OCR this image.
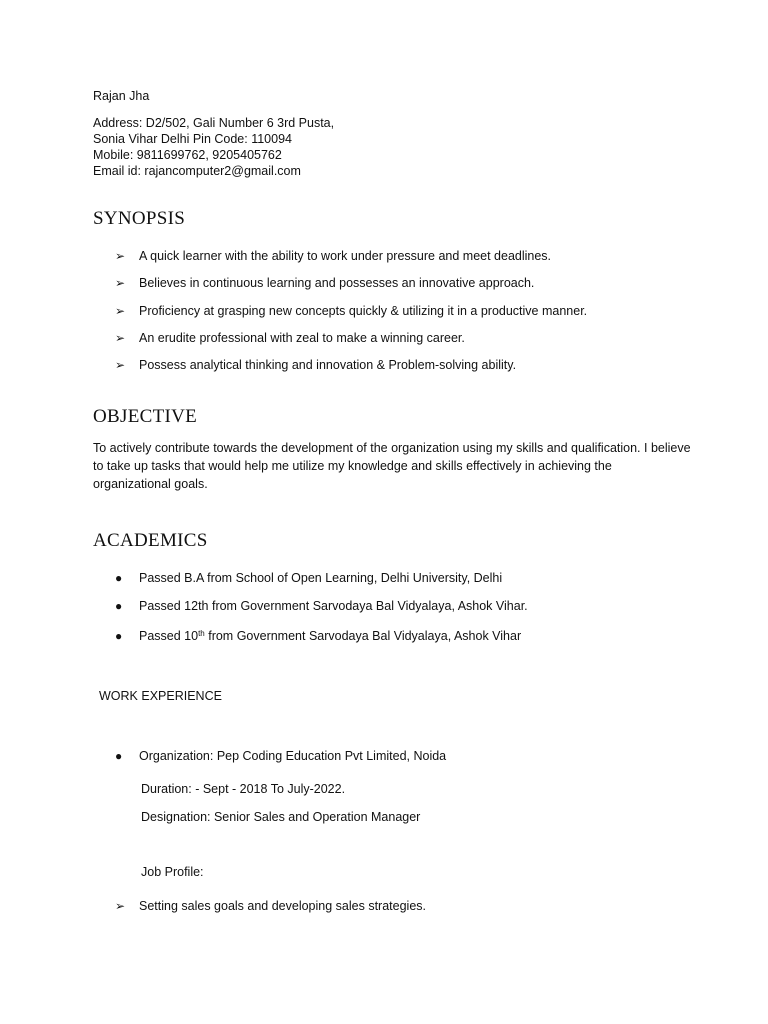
Rajan Jha
Address: D2/502, Gali Number 6 3rd Pusta,
Sonia Vihar Delhi Pin Code: 110094
Mobile: 9811699762, 9205405762
Email id: rajancomputer2@gmail.com
SYNOPSIS
➢ A quick learner with the ability to work under pressure and meet deadlines.
➢ Believes in continuous learning and possesses an innovative approach.
➢ Proficiency at grasping new concepts quickly & utilizing it in a productive manner.
➢ An erudite professional with zeal to make a winning career.
➢ Possess analytical thinking and innovation & Problem-solving ability.
OBJECTIVE
To actively contribute towards the development of the organization using my skills and qualification. I believe to take up tasks that would help me utilize my knowledge and skills effectively in achieving the organizational goals.
ACADEMICS
● Passed B.A from School of Open Learning, Delhi University, Delhi
● Passed 12th from Government Sarvodaya Bal Vidyalaya, Ashok Vihar.
● Passed 10th from Government Sarvodaya Bal Vidyalaya, Ashok Vihar
WORK EXPERIENCE
● Organization: Pep Coding Education Pvt Limited, Noida
Duration: - Sept - 2018 To July-2022.
Designation: Senior Sales and Operation Manager
Job Profile:
➢ Setting sales goals and developing sales strategies.
